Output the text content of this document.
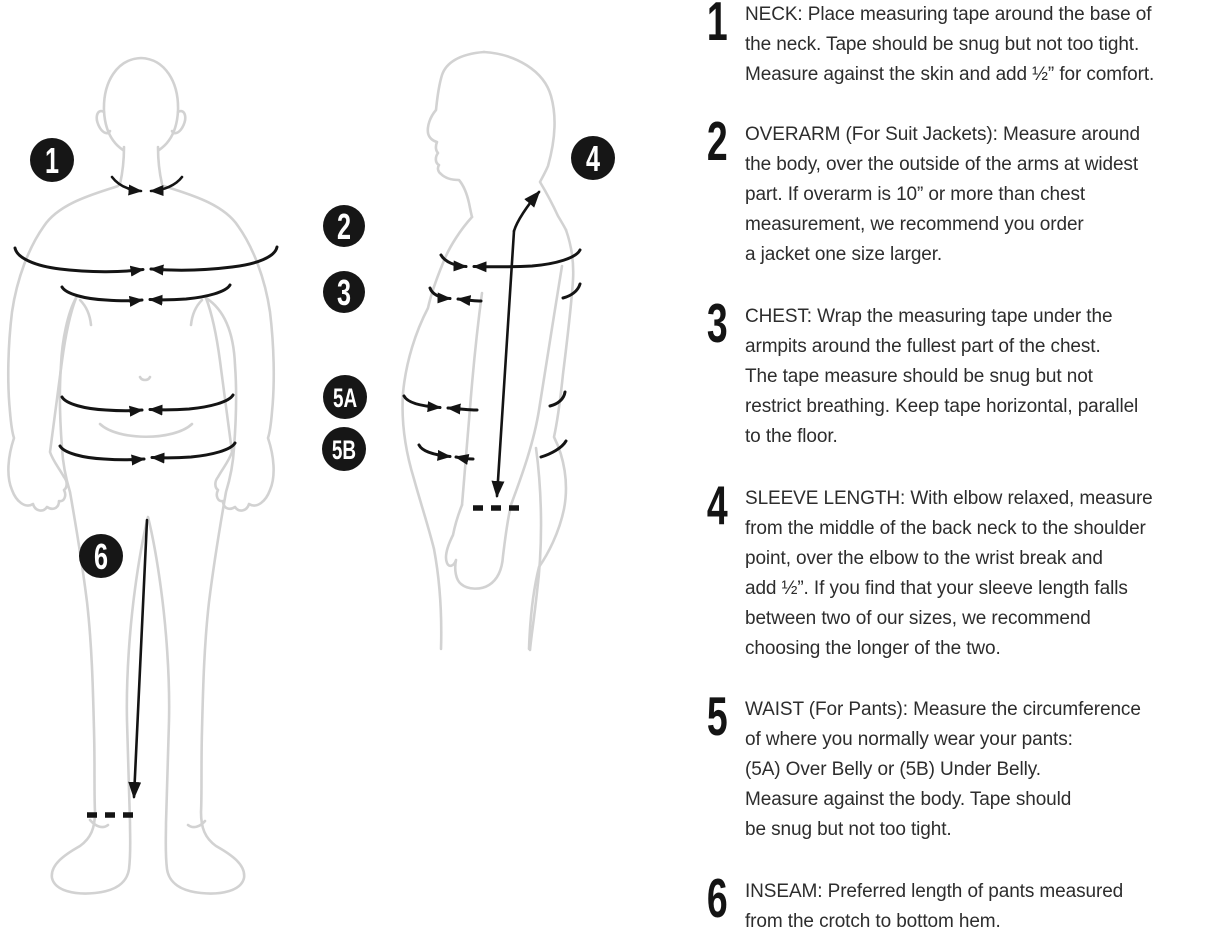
1
2
3
4
5A
5B
6
1 NECK: Place measuring tape around the base of
the neck. Tape should be snug but not too tight.
Measure against the skin and add ½” for comfort.

2 OVERARM (For Suit Jackets): Measure around
the body, over the outside of the arms at widest
part. If overarm is 10” or more than chest
measurement, we recommend you order
a jacket one size larger.

3 CHEST: Wrap the measuring tape under the
armpits around the fullest part of the chest.
The tape measure should be snug but not
restrict breathing. Keep tape horizontal, parallel
to the floor.

4 SLEEVE LENGTH: With elbow relaxed, measure
from the middle of the back neck to the shoulder
point, over the elbow to the wrist break and
add ½”. If you find that your sleeve length falls
between two of our sizes, we recommend
choosing the longer of the two.

5 WAIST (For Pants): Measure the circumference
of where you normally wear your pants:
(5A) Over Belly or (5B) Under Belly.
Measure against the body. Tape should
be snug but not too tight.

6 INSEAM: Preferred length of pants measured
from the crotch to bottom hem.
